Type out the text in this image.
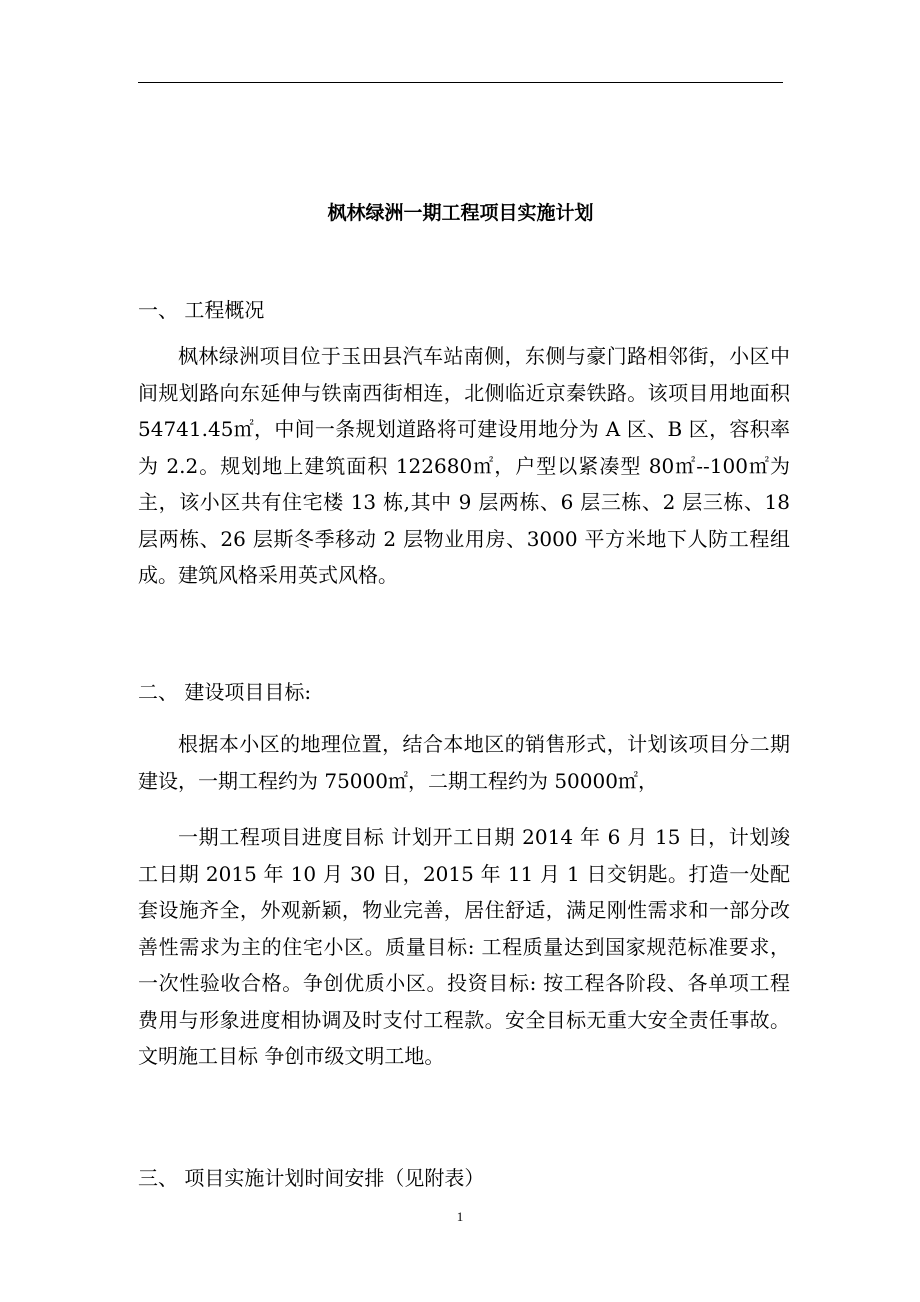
枫林绿洲一期工程项目实施计划
一、 工程概况

枫林绿洲项目位于玉田县汽车站南侧，东侧与豪门路相邻街，小区中间规划路向东延伸与铁南西街相连，北侧临近京秦铁路。该项目用地面积 54741.45㎡，中间一条规划道路将可建设用地分为 A 区、B 区，容积率为 2.2。规划地上建筑面积 122680㎡，户型以紧凑型 80㎡--100㎡为主，该小区共有住宅楼 13 栋,其中 9 层两栋、6 层三栋、2 层三栋、18 层两栋、26 层斯冬季移动 2 层物业用房、3000 平方米地下人防工程组成。建筑风格采用英式风格。

二、 建设项目目标:

根据本小区的地理位置，结合本地区的销售形式，计划该项目分二期建设，一期工程约为 75000㎡，二期工程约为 50000㎡，

一期工程项目进度目标 计划开工日期 2014 年 6 月 15 日，计划竣工日期 2015 年 10 月 30 日，2015 年 11 月 1 日交钥匙。打造一处配套设施齐全，外观新颖，物业完善，居住舒适，满足刚性需求和一部分改善性需求为主的住宅小区。质量目标: 工程质量达到国家规范标准要求，一次性验收合格。争创优质小区。投资目标: 按工程各阶段、各单项工程费用与形象进度相协调及时支付工程款。安全目标无重大安全责任事故。文明施工目标 争创市级文明工地。

三、 项目实施计划时间安排（见附表）
1
